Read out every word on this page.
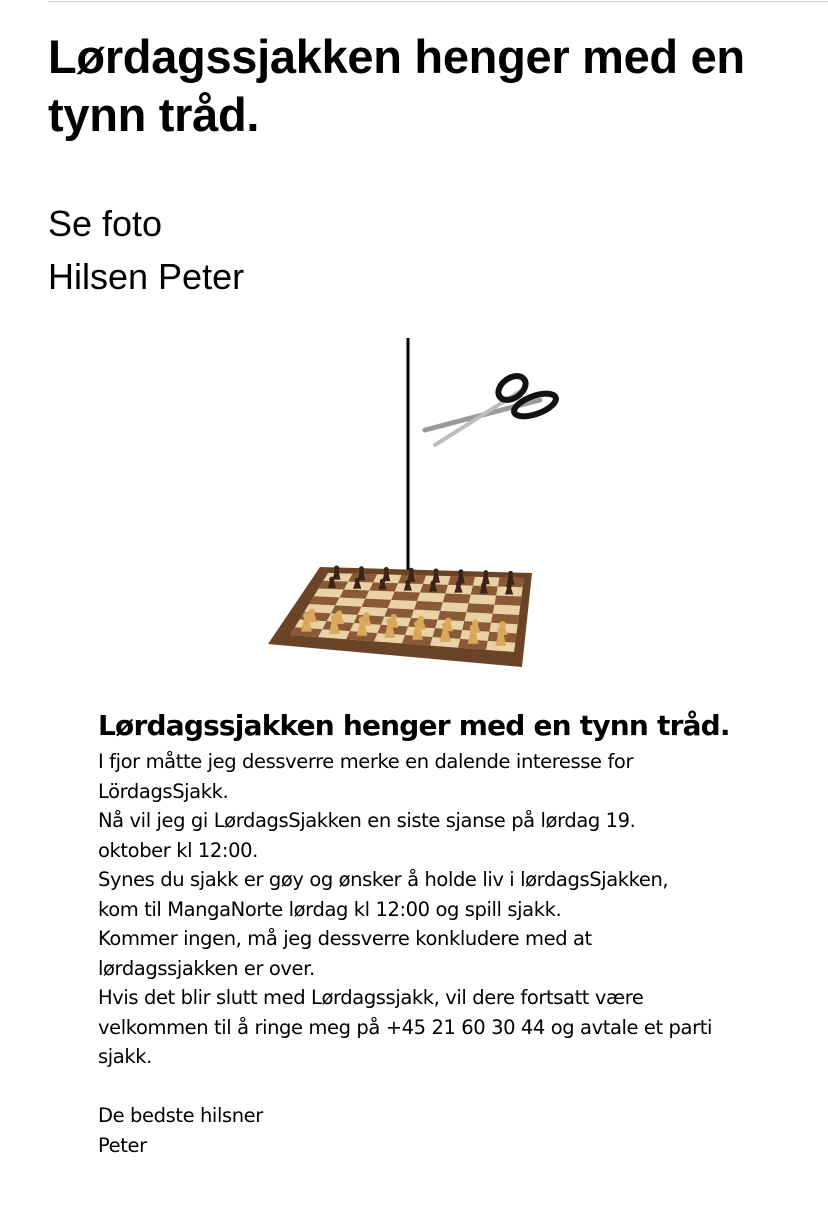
Lørdagssjakken henger med en tynn tråd.
Se foto
Hilsen Peter
Lørdagssjakken henger med en tynn tråd.

I fjor måtte jeg dessverre merke en dalende interesse for

LördagsSjakk.

Nå vil jeg gi LørdagsSjakken en siste sjanse på lørdag 19.

oktober kl 12:00.

Synes du sjakk er gøy og ønsker å holde liv i lørdagsSjakken,

kom til MangaNorte lørdag kl 12:00 og spill sjakk.

Kommer ingen, må jeg dessverre konkludere med at

lørdagssjakken er over.

Hvis det blir slutt med Lørdagssjakk, vil dere fortsatt være

velkommen til å ringe meg på +45 21 60 30 44 og avtale et parti

sjakk.

De bedste hilsner

Peter
